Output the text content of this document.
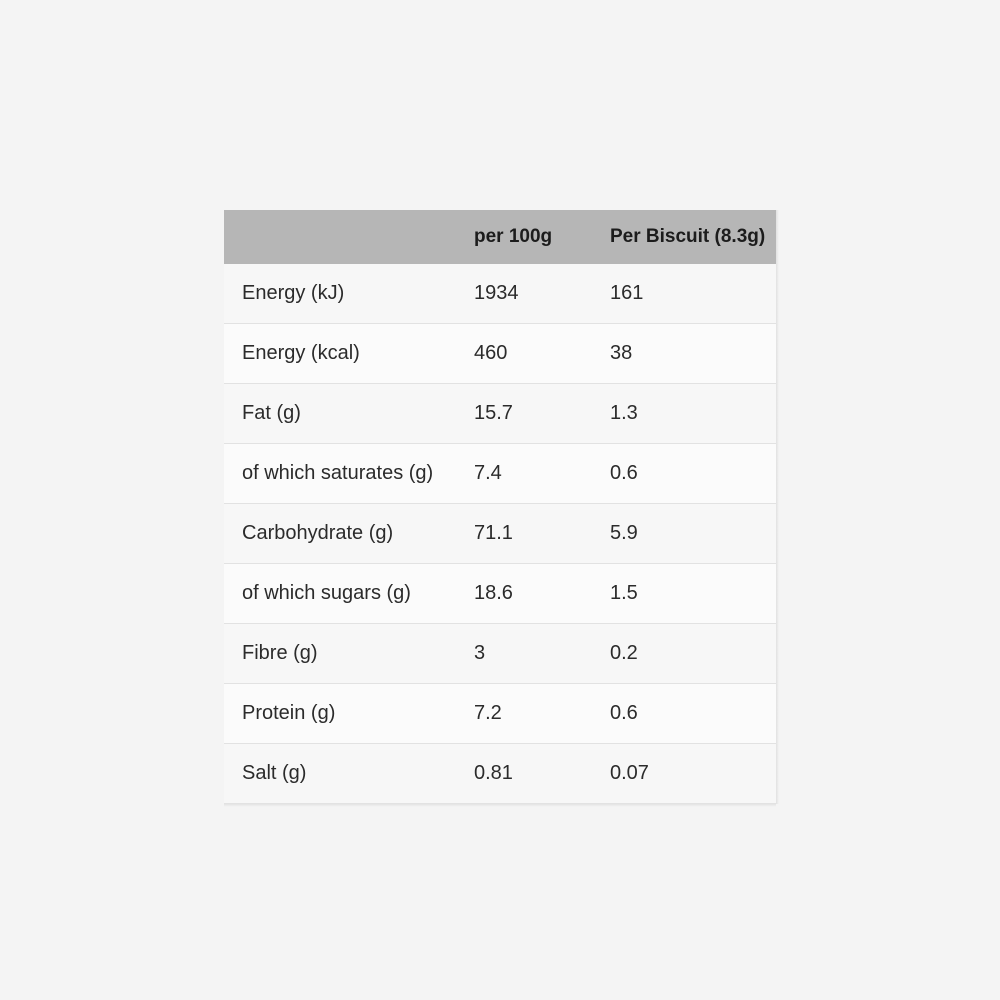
	per 100g	Per Biscuit (8.3g)
Energy (kJ)	1934	161
Energy (kcal)	460	38
Fat (g)	15.7	1.3
of which saturates (g)	7.4	0.6
Carbohydrate (g)	71.1	5.9
of which sugars (g)	18.6	1.5
Fibre (g)	3	0.2
Protein (g)	7.2	0.6
Salt (g)	0.81	0.07
